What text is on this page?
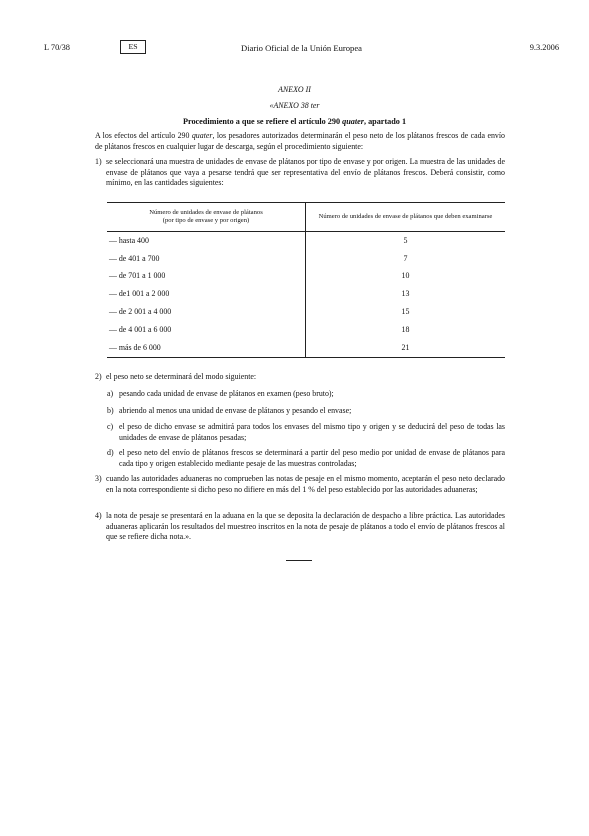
L 70/38	ES	Diario Oficial de la Unión Europea	9.3.2006
ANEXO II
«ANEXO 38 ter
Procedimiento a que se refiere el artículo 290 quater, apartado 1
A los efectos del artículo 290 quater, los pesadores autorizados determinarán el peso neto de los plátanos frescos de cada envío de plátanos frescos en cualquier lugar de descarga, según el procedimiento siguiente:
1) se seleccionará una muestra de unidades de envase de plátanos por tipo de envase y por origen. La muestra de las unidades de envase de plátanos que vaya a pesarse tendrá que ser representativa del envío de plátanos frescos. Deberá consistir, como mínimo, en las cantidades siguientes:
Número de unidades de envase de plátanos
(por tipo de envase y por origen)	Número de unidades de envase de plátanos que deben examinarse
— hasta 400	5
— de 401 a 700	7
— de 701 a 1 000	10
— de1 001 a 2 000	13
— de 2 001 a 4 000	15
— de 4 001 a 6 000	18
— más de 6 000	21
2) el peso neto se determinará del modo siguiente:
a) pesando cada unidad de envase de plátanos en examen (peso bruto);
b) abriendo al menos una unidad de envase de plátanos y pesando el envase;
c) el peso de dicho envase se admitirá para todos los envases del mismo tipo y origen y se deducirá del peso de todas las unidades de envase de plátanos pesadas;
d) el peso neto del envío de plátanos frescos se determinará a partir del peso medio por unidad de envase de plátanos para cada tipo y origen establecido mediante pesaje de las muestras controladas;
3) cuando las autoridades aduaneras no comprueben las notas de pesaje en el mismo momento, aceptarán el peso neto declarado en la nota correspondiente si dicho peso no difiere en más del 1 % del peso establecido por las autoridades aduaneras;
4) la nota de pesaje se presentará en la aduana en la que se deposita la declaración de despacho a libre práctica. Las autoridades aduaneras aplicarán los resultados del muestreo inscritos en la nota de pesaje de plátanos a todo el envío de plátanos frescos al que se refiere dicha nota.».
